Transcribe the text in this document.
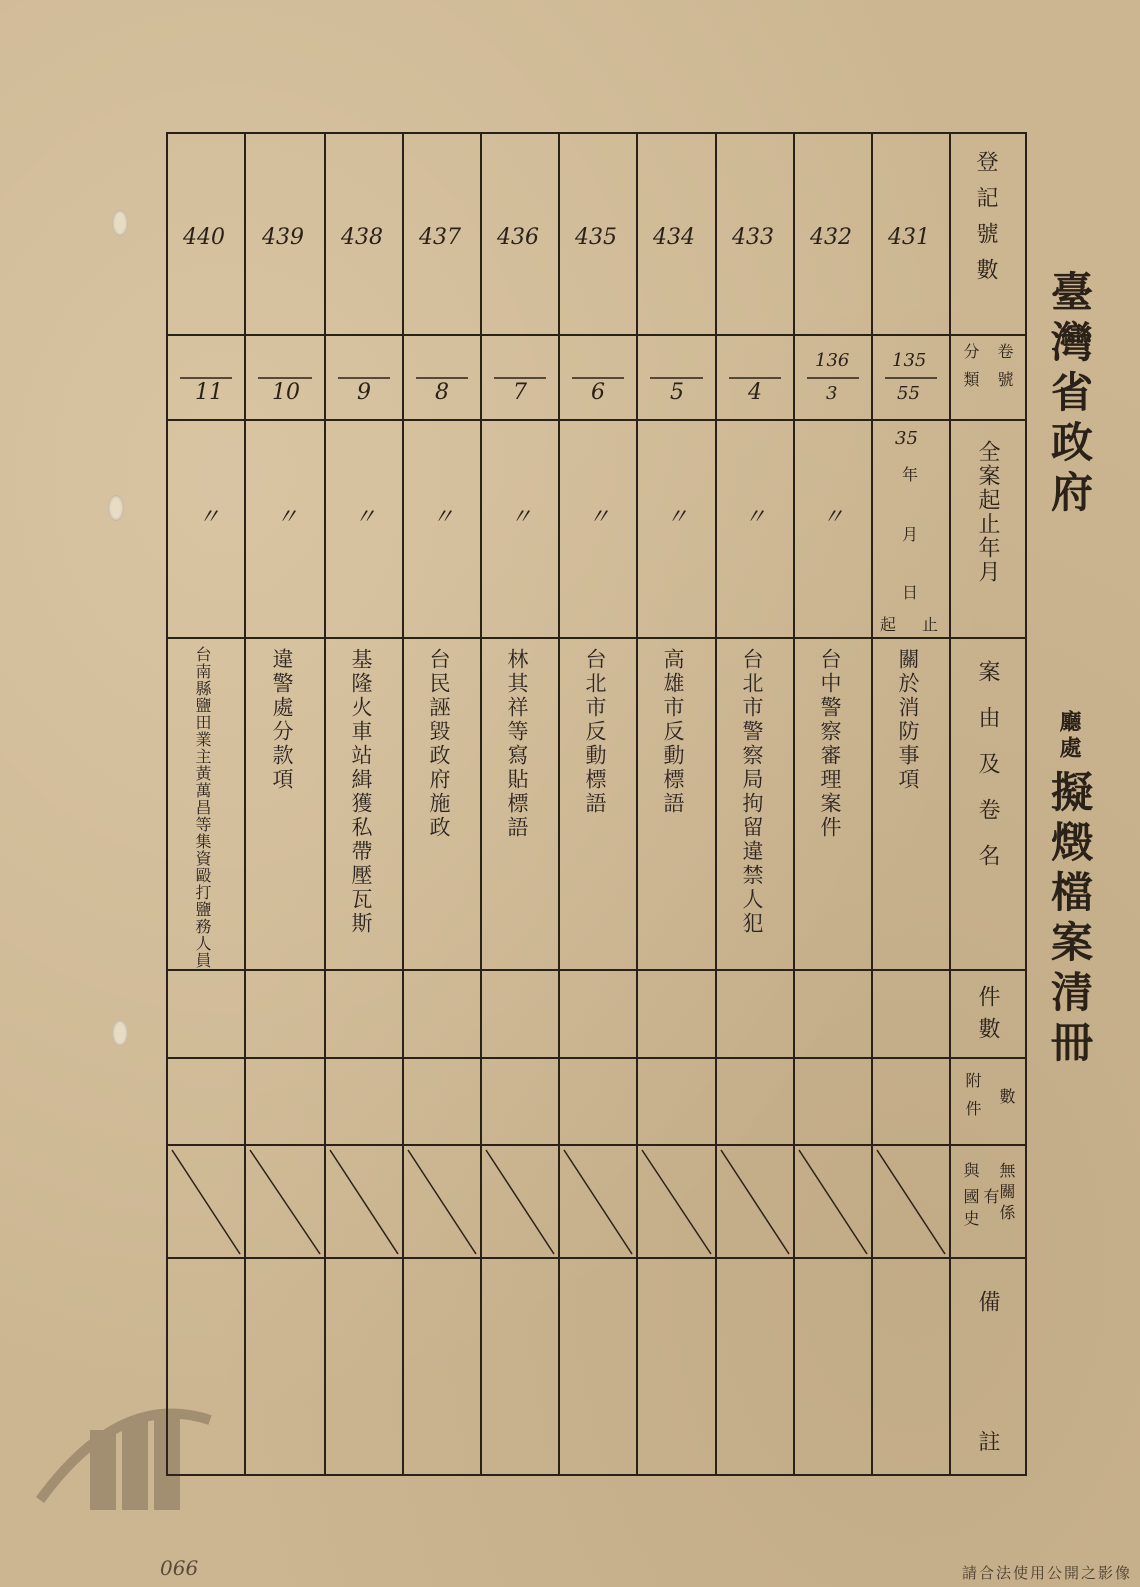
臺灣省政府
廳處
擬燬檔案清冊
登記號數
卷號
分類
全案起止年月
案由及卷名
件數
數
附件
無關係
有
與
國史
備
註
431
135
55
35
年
月
日
起 止
關於消防事項
432
136
3
〃
台中警察審理案件
433
4
〃
台北市警察局拘留違禁人犯
434
5
〃
高雄市反動標語
435
6
〃
台北市反動標語
436
7
〃
林其祥等寫貼標語
437
8
〃
台民誣毀政府施政
438
9
〃
基隆火車站緝獲私帶壓瓦斯
439
10
〃
違警處分款項
440
11
〃
台南縣鹽田業主黃萬昌等集資毆打鹽務人員
066	請合法使用公開之影像
